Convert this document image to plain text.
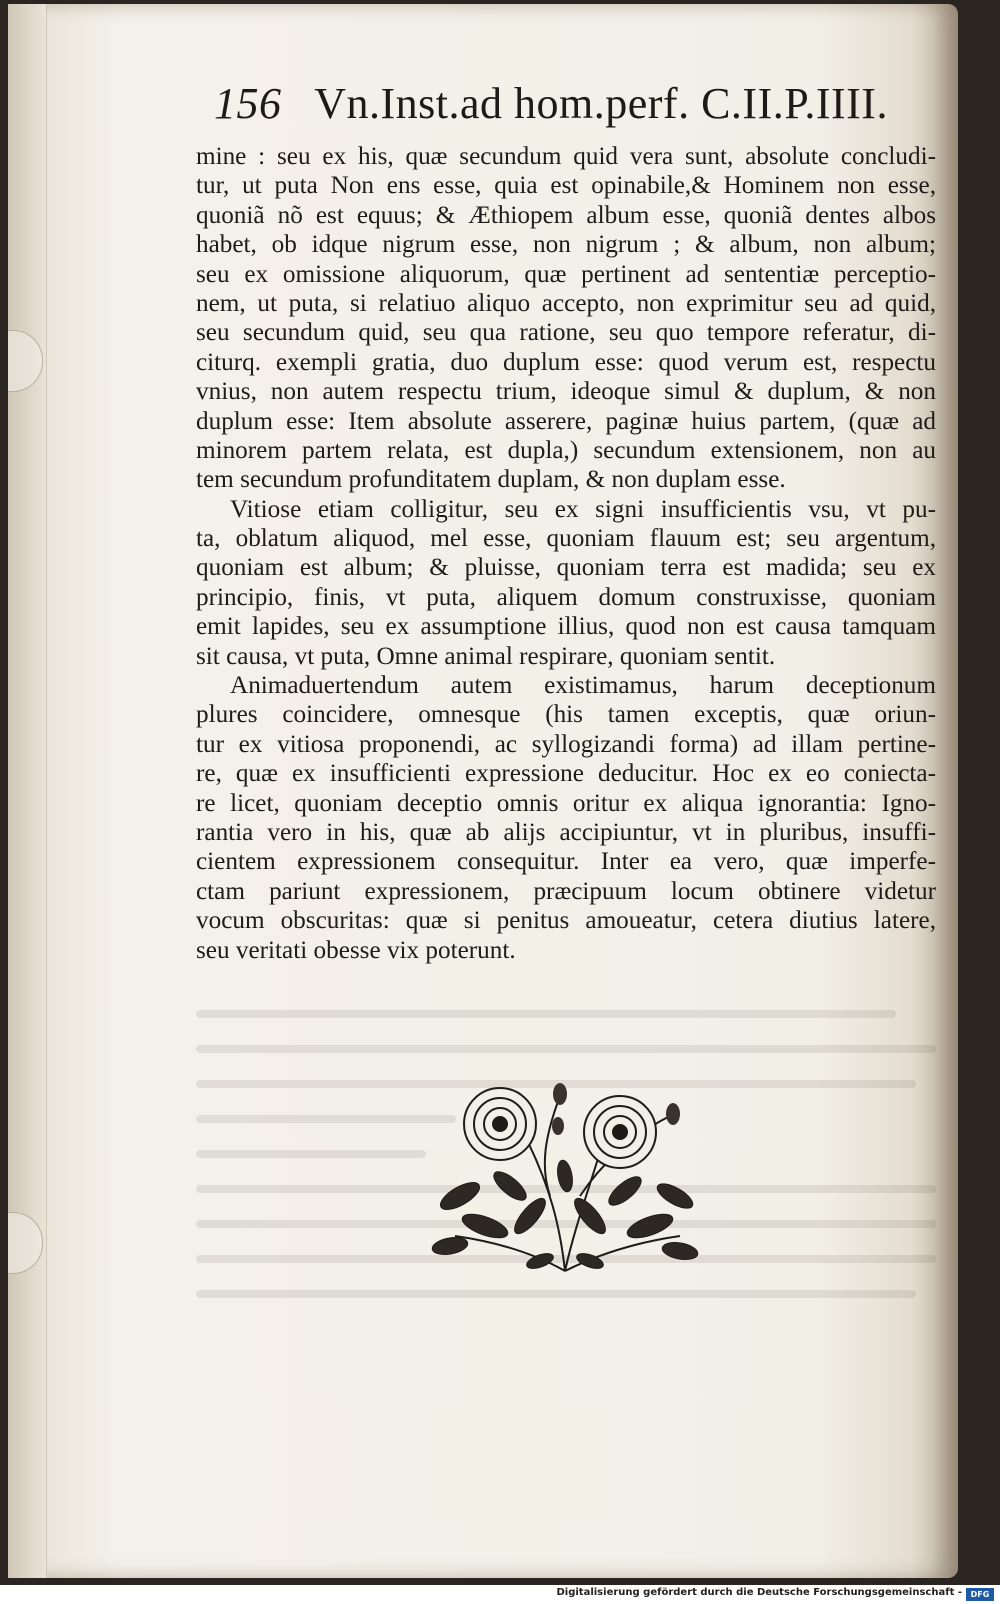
156 Vn.Inst.ad hom.perf. C.II.P.IIII.
mine : seu ex his, quæ secundum quid vera sunt, absolute concludi-
tur, ut puta Non ens esse, quia est opinabile,& Hominem non esse,
quoniã nõ est equus; & Æthiopem album esse, quoniã dentes albos
habet, ob idque nigrum esse, non nigrum ; & album, non album;
seu ex omissione aliquorum, quæ pertinent ad sententiæ perceptio-
nem, ut puta, si relatiuo aliquo accepto, non exprimitur seu ad quid,
seu secundum quid, seu qua ratione, seu quo tempore referatur, di-
citurq. exempli gratia, duo duplum esse: quod verum est, respectu
vnius, non autem respectu trium, ideoque simul & duplum, & non
duplum esse: Item absolute asserere, paginæ huius partem, (quæ ad
minorem partem relata, est dupla,) secundum extensionem, non au
tem secundum profunditatem duplam, & non duplam esse.
Vitiose etiam colligitur, seu ex signi insufficientis vsu, vt pu-
ta, oblatum aliquod, mel esse, quoniam flauum est; seu argentum,
quoniam est album; & pluisse, quoniam terra est madida; seu ex
principio, finis, vt puta, aliquem domum construxisse, quoniam
emit lapides, seu ex assumptione illius, quod non est causa tamquam
sit causa, vt puta, Omne animal respirare, quoniam sentit.
Animaduertendum autem existimamus, harum deceptionum
plures coincidere, omnesque (his tamen exceptis, quæ oriun-
tur ex vitiosa proponendi, ac syllogizandi forma) ad illam pertine-
re, quæ ex insufficienti expressione deducitur. Hoc ex eo coniecta-
re licet, quoniam deceptio omnis oritur ex aliqua ignorantia: Igno-
rantia vero in his, quæ ab alijs accipiuntur, vt in pluribus, insuffi-
cientem expressionem consequitur. Inter ea vero, quæ imperfe-
ctam pariunt expressionem, præcipuum locum obtinere videtur
vocum obscuritas: quæ si penitus amoueatur, cetera diutius latere,
seu veritati obesse vix poterunt.
Digitalisierung gefördert durch die Deutsche Forschungsgemeinschaft -	DFG
